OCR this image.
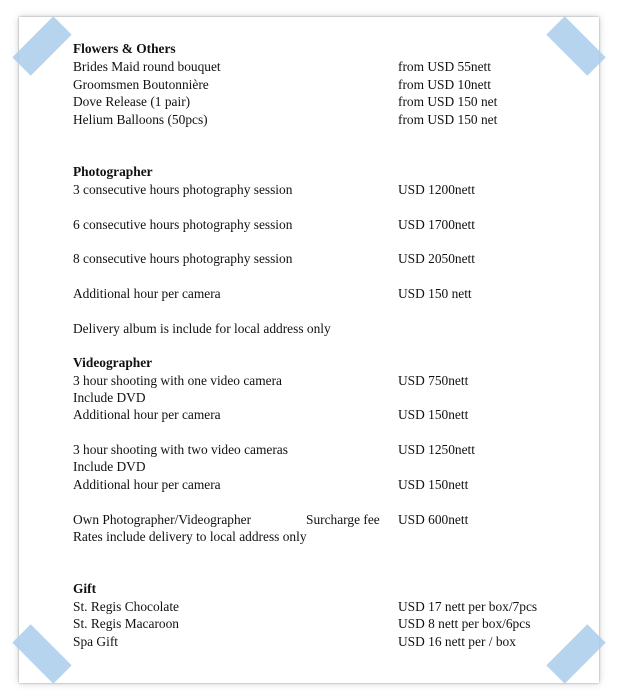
Flowers & Others
Brides Maid round bouquet	from USD 55nett
Groomsmen Boutonnière	from USD 10nett
Dove Release (1 pair)	from USD 150 net
Helium Balloons (50pcs)	from USD 150 net
Photographer
3 consecutive hours photography session	USD 1200nett
6 consecutive hours photography session	USD 1700nett
8 consecutive hours photography session	USD 2050nett
Additional hour per camera	USD 150 nett
Delivery album is include for local address only
Videographer
3 hour shooting with one video camera	USD 750nett
Include DVD
Additional hour per camera	USD 150nett
3 hour shooting with two video cameras	USD 1250nett
Include DVD
Additional hour per camera	USD 150nett
Own Photographer/Videographer	Surcharge fee USD 600nett
Rates include delivery to local address only
Gift
St. Regis Chocolate	USD 17 nett per box/7pcs
St. Regis Macaroon	USD 8 nett per box/6pcs
Spa Gift	USD 16 nett per / box
